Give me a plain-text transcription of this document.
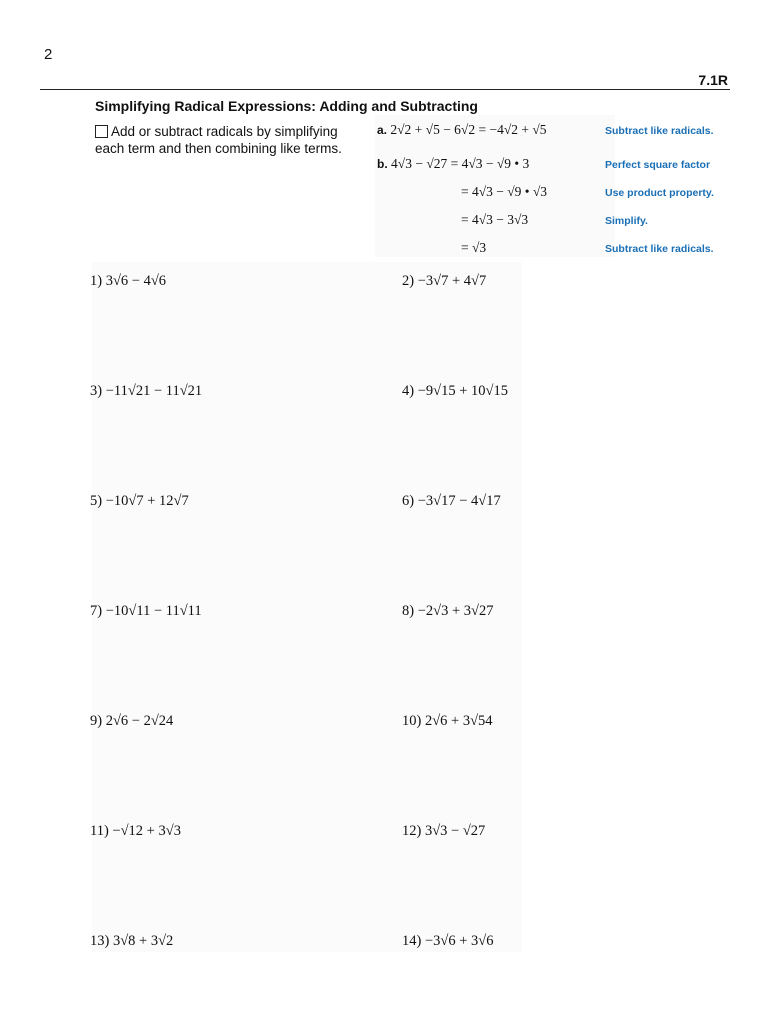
2
7.1R
Simplifying Radical Expressions: Adding and Subtracting
Add or subtract radicals by simplifying each term and then combining like terms.
a. 2√2 + √5 − 6√2 = −4√2 + √5	Subtract like radicals.
b. 4√3 − √27 = 4√3 − √9 • 3	Perfect square factor
= 4√3 − √9 • √3	Use product property.
= 4√3 − 3√3	Simplify.
= √3	Subtract like radicals.
1) 3√6 − 4√6	2) −3√7 + 4√7
3) −11√21 − 11√21	4) −9√15 + 10√15
5) −10√7 + 12√7	6) −3√17 − 4√17
7) −10√11 − 11√11	8) −2√3 + 3√27
9) 2√6 − 2√24	10) 2√6 + 3√54
11) −√12 + 3√3	12) 3√3 − √27
13) 3√8 + 3√2	14) −3√6 + 3√6
